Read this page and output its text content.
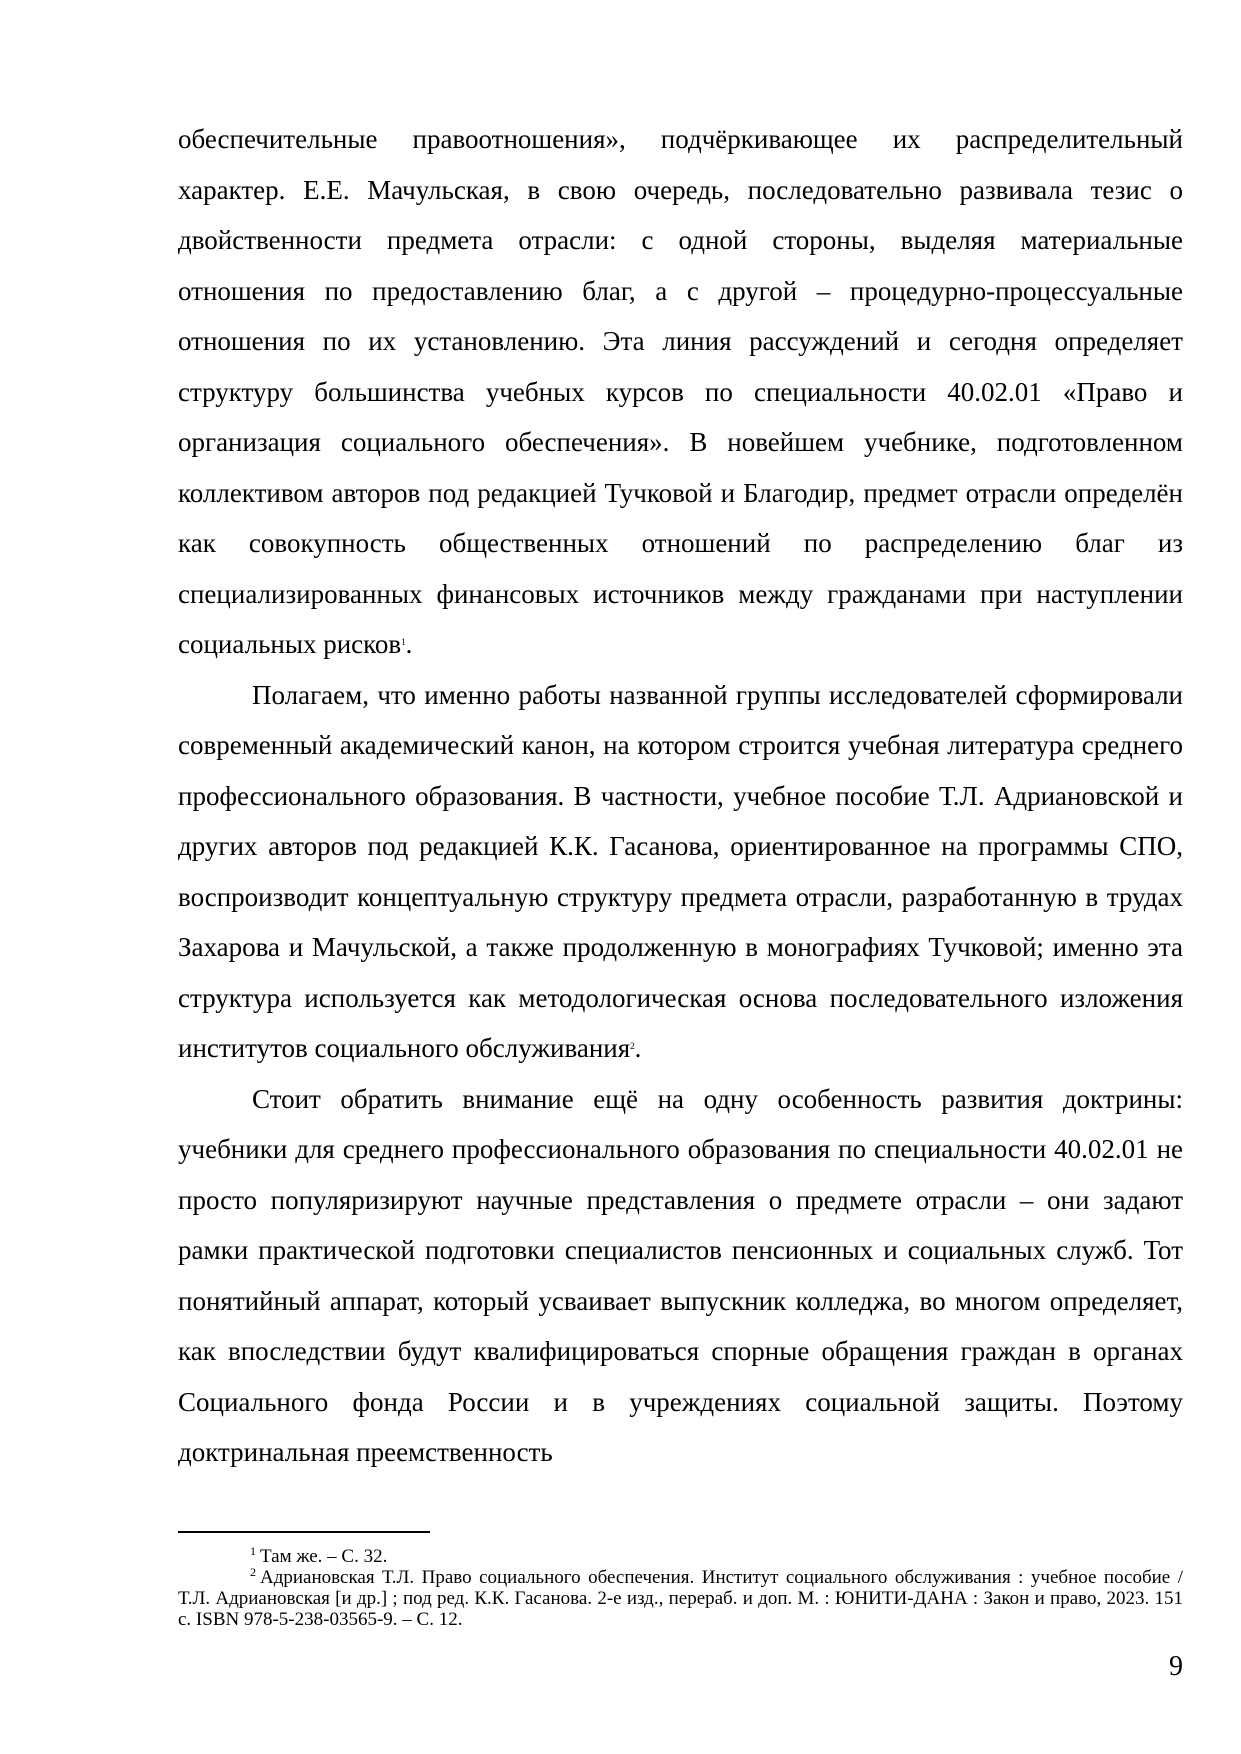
обеспечительные правоотношения», подчёркивающее их распределительный характер. Е.Е. Мачульская, в свою очередь, последовательно развивала тезис о двойственности предмета отрасли: с одной стороны, выделяя материальные отношения по предоставлению благ, а с другой – процедурно-процессуальные отношения по их установлению. Эта линия рассуждений и сегодня определяет структуру большинства учебных курсов по специальности 40.02.01 «Право и организация социального обеспечения». В новейшем учебнике, подготовленном коллективом авторов под редакцией Тучковой и Благодир, предмет отрасли определён как совокупность общественных отношений по распределению благ из специализированных финансовых источников между гражданами при наступлении социальных рисков$^1$.

Полагаем, что именно работы названной группы исследователей сформировали современный академический канон, на котором строится учебная литература среднего профессионального образования. В частности, учебное пособие Т.Л. Адриановской и других авторов под редакцией К.К. Гасанова, ориентированное на программы СПО, воспроизводит концептуальную структуру предмета отрасли, разработанную в трудах Захарова и Мачульской, а также продолженную в монографиях Тучковой; именно эта структура используется как методологическая основа последовательного изложения институтов социального обслуживания$^2$.

Стоит обратить внимание ещё на одну особенность развития доктрины: учебники для среднего профессионального образования по специальности 40.02.01 не просто популяризируют научные представления о предмете отрасли – они задают рамки практической подготовки специалистов пенсионных и социальных служб. Тот понятийный аппарат, который усваивает выпускник колледжа, во многом определяет, как впоследствии будут квалифицироваться спорные обращения граждан в органах Социального фонда России и в учреждениях социальной защиты. Поэтому доктринальная преемственность

$^1$ Там же. – С. 32.

$^2$ Адриановская Т.Л. Право социального обеспечения. Институт социального обслуживания : учебное пособие / Т.Л. Адриановская [и др.] ; под ред. К.К. Гасанова. 2-е изд., перераб. и доп. М. : ЮНИТИ-ДАНА : Закон и право, 2023. 151 с. ISBN 978-5-238-03565-9. – С. 12.

9
